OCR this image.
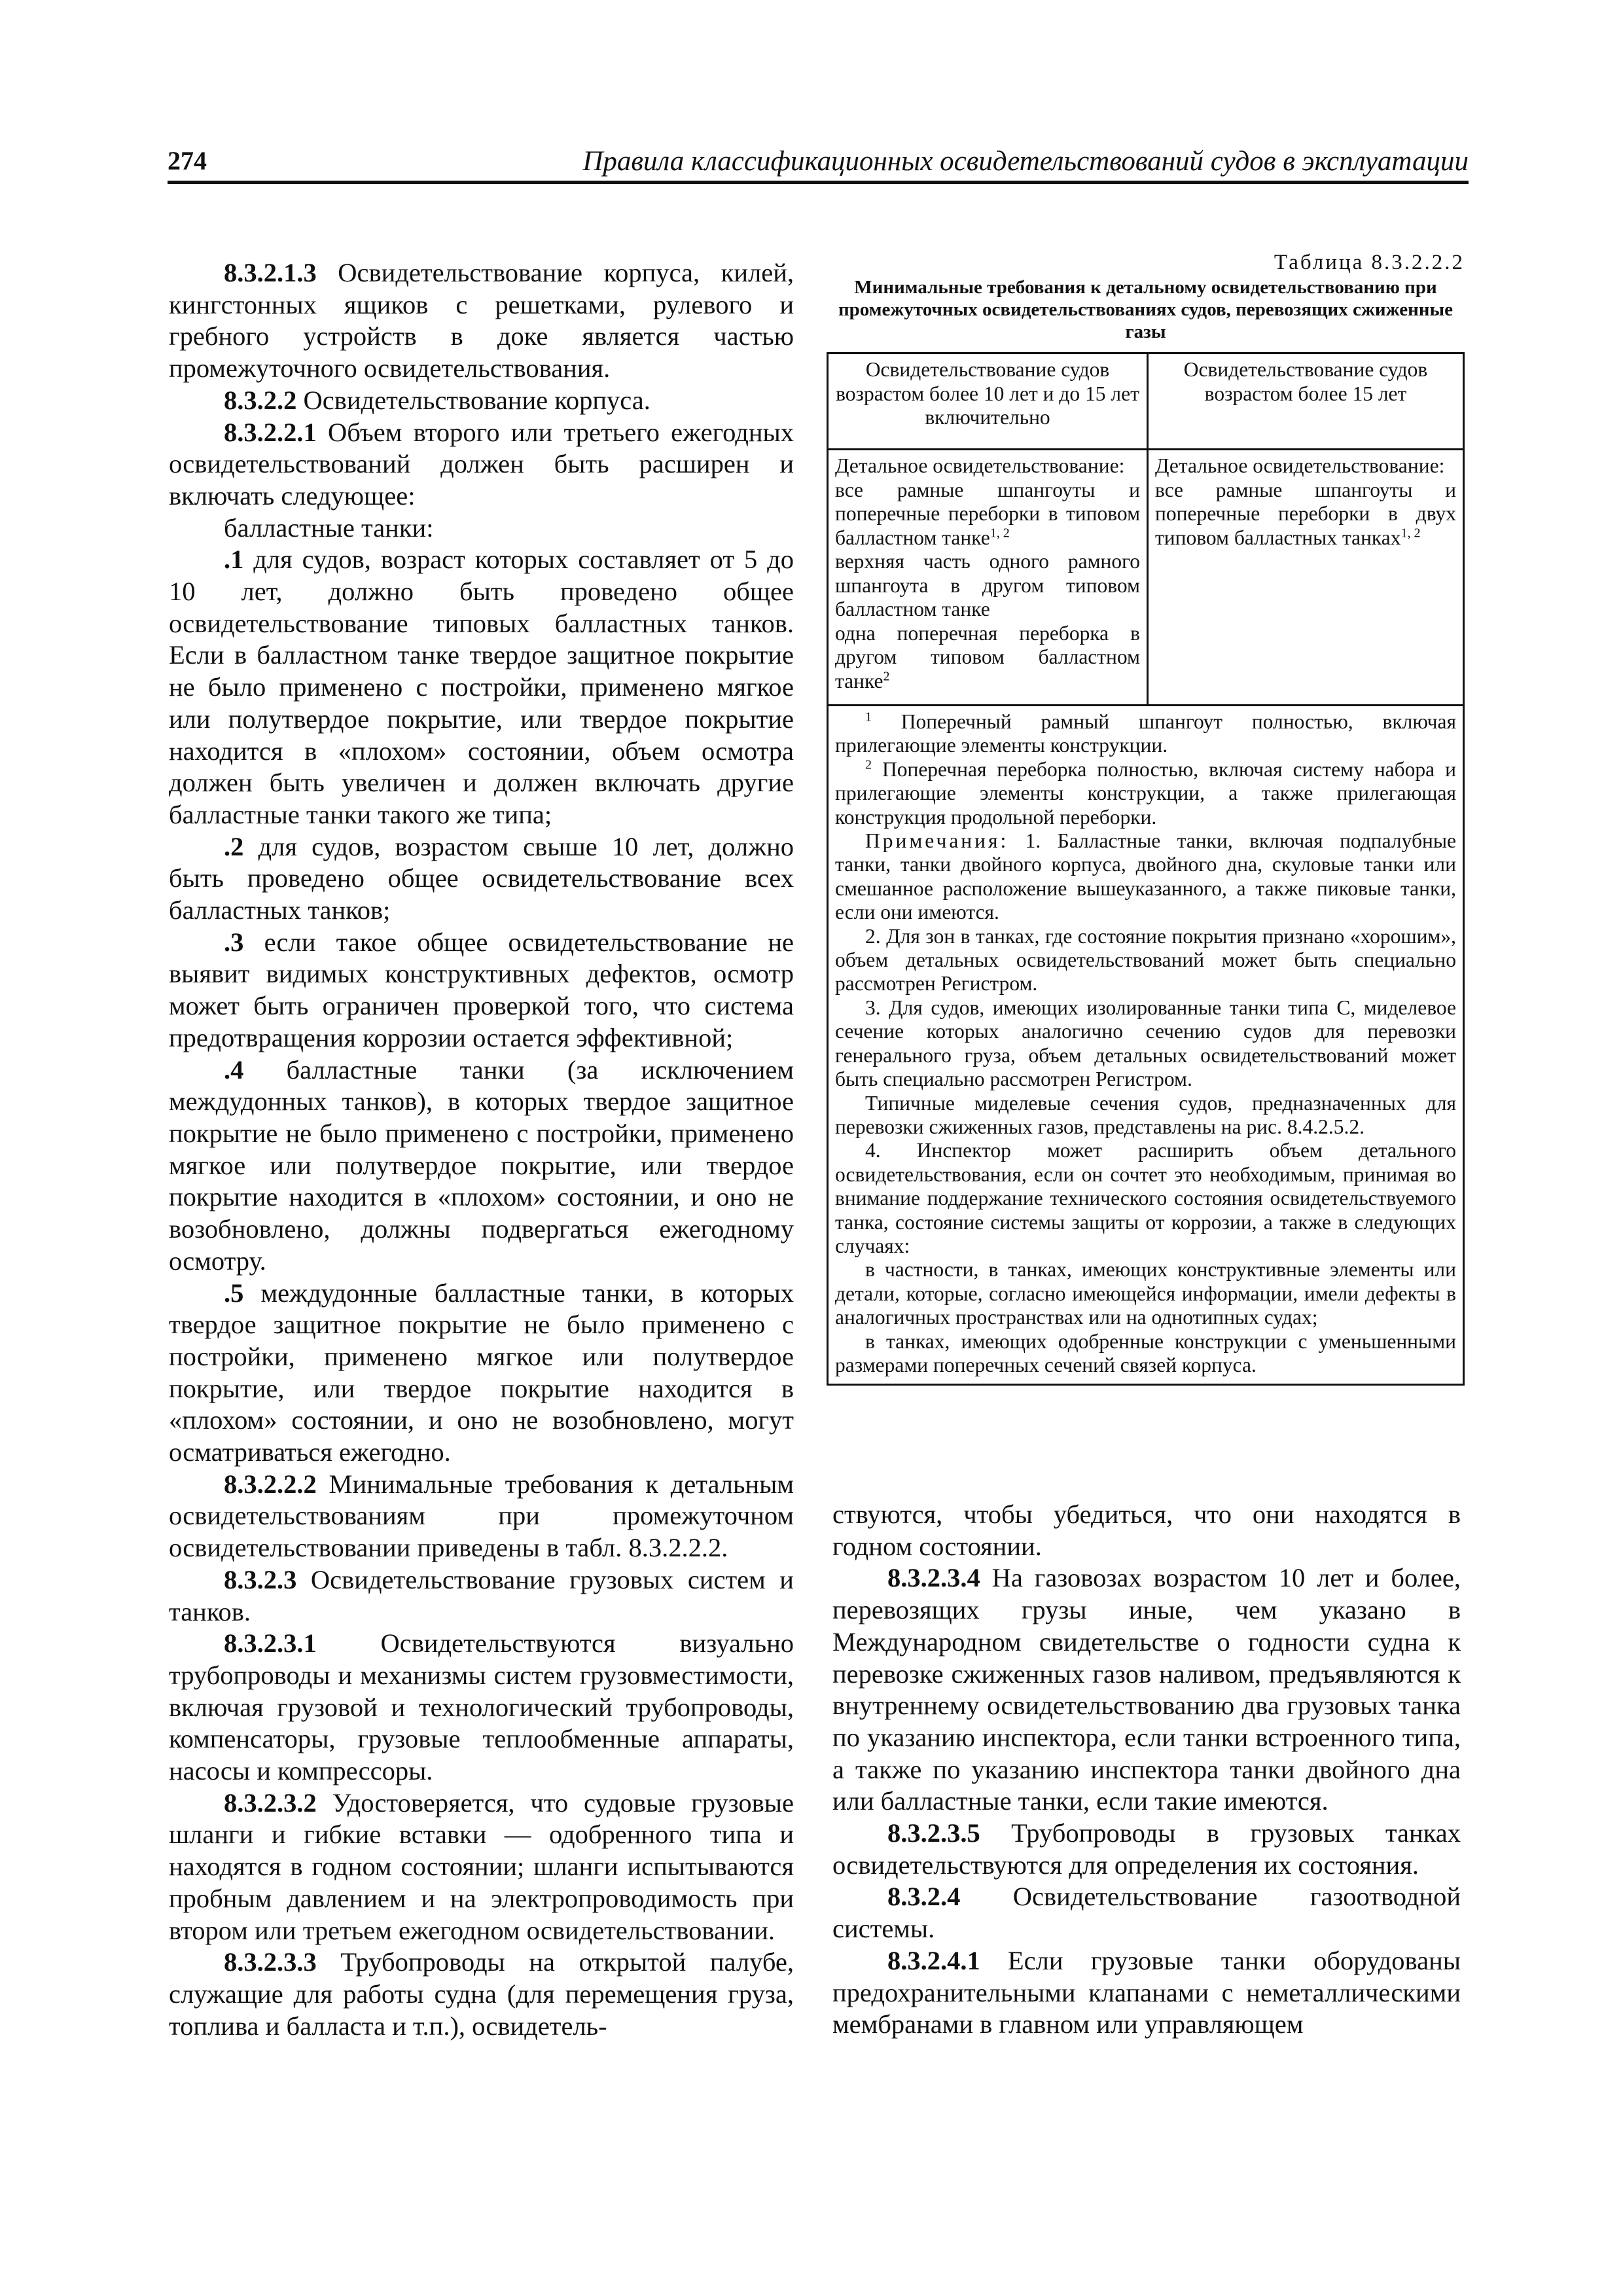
274	Правила классификационных освидетельствований судов в эксплуатации

8.3.2.1.3 Освидетельствование корпуса, килей, кингстонных ящиков с решетками, рулевого и гребного устройств в доке является частью промежуточного освидетельствования.

8.3.2.2 Освидетельствование корпуса.

8.3.2.2.1 Объем второго или третьего ежегодных освидетельствований должен быть расширен и включать следующее:

балластные танки:

.1 для судов, возраст которых составляет от 5 до 10 лет, должно быть проведено общее освидетельствование типовых балластных танков. Если в балластном танке твердое защитное покрытие не было применено с постройки, применено мягкое или полутвердое покрытие, или твердое покрытие находится в «плохом» состоянии, объем осмотра должен быть увеличен и должен включать другие балластные танки такого же типа;

.2 для судов, возрастом свыше 10 лет, должно быть проведено общее освидетельствование всех балластных танков;

.3 если такое общее освидетельствование не выявит видимых конструктивных дефектов, осмотр может быть ограничен проверкой того, что система предотвращения коррозии остается эффективной;

.4 балластные танки (за исключением междудонных танков), в которых твердое защитное покрытие не было применено с постройки, применено мягкое или полутвердое покрытие, или твердое покрытие находится в «плохом» состоянии, и оно не возобновлено, должны подвергаться ежегодному осмотру.

.5 междудонные балластные танки, в которых твердое защитное покрытие не было применено с постройки, применено мягкое или полутвердое покрытие, или твердое покрытие находится в «плохом» состоянии, и оно не возобновлено, могут осматриваться ежегодно.

8.3.2.2.2 Минимальные требования к детальным освидетельствованиям при промежуточном освидетельствовании приведены в табл. 8.3.2.2.2.

8.3.2.3 Освидетельствование грузовых систем и танков.

8.3.2.3.1 Освидетельствуются визуально трубопроводы и механизмы систем грузовместимости, включая грузовой и технологический трубопроводы, компенсаторы, грузовые теплообменные аппараты, насосы и компрессоры.

8.3.2.3.2 Удостоверяется, что судовые грузовые шланги и гибкие вставки — одобренного типа и находятся в годном состоянии; шланги испытываются пробным давлением и на электропроводимость при втором или третьем ежегодном освидетельствовании.

8.3.2.3.3 Трубопроводы на открытой палубе, служащие для работы судна (для перемещения груза, топлива и балласта и т.п.), освидетель-

Таблица 8.3.2.2.2
Минимальные требования к детальному освидетельствованию при промежуточных освидетельствованиях судов, перевозящих сжиженные газы
Освидетельствование судов возрастом более 10 лет и до 15 лет включительно
Освидетельствование судов возрастом более 15 лет
Детальное освидетельствование:
все рамные шпангоуты и поперечные переборки в типовом балластном танке$^{1, 2}$
верхняя часть одного рамного шпангоута в другом типовом балластном танке
одна поперечная переборка в другом типовом балластном танке$^2$
Детальное освидетельствование:
все рамные шпангоуты и поперечные переборки в двух типовом балластных танках$^{1, 2}$

$^1$ Поперечный рамный шпангоут полностью, включая прилегающие элементы конструкции.

$^2$ Поперечная переборка полностью, включая систему набора и прилегающие элементы конструкции, а также прилегающая конструкция продольной переборки.

Примечания: 1. Балластные танки, включая подпалубные танки, танки двойного корпуса, двойного дна, скуловые танки или смешанное расположение вышеуказанного, а также пиковые танки, если они имеются.

2. Для зон в танках, где состояние покрытия признано «хорошим», объем детальных освидетельствований может быть специально рассмотрен Регистром.

3. Для судов, имеющих изолированные танки типа C, миделевое сечение которых аналогично сечению судов для перевозки генерального груза, объем детальных освидетельствований может быть специально рассмотрен Регистром.

Типичные миделевые сечения судов, предназначенных для перевозки сжиженных газов, представлены на рис. 8.4.2.5.2.

4. Инспектор может расширить объем детального освидетельствования, если он сочтет это необходимым, принимая во внимание поддержание технического состояния освидетельствуемого танка, состояние системы защиты от коррозии, а также в следующих случаях:

в частности, в танках, имеющих конструктивные элементы или детали, которые, согласно имеющейся информации, имели дефекты в аналогичных пространствах или на однотипных судах;

в танках, имеющих одобренные конструкции с уменьшенными размерами поперечных сечений связей корпуса.

ствуются, чтобы убедиться, что они находятся в годном состоянии.

8.3.2.3.4 На газовозах возрастом 10 лет и более, перевозящих грузы иные, чем указано в Международном свидетельстве о годности судна к перевозке сжиженных газов наливом, предъявляются к внутреннему освидетельствованию два грузовых танка по указанию инспектора, если танки встроенного типа, а также по указанию инспектора танки двойного дна или балластные танки, если такие имеются.

8.3.2.3.5 Трубопроводы в грузовых танках освидетельствуются для определения их состояния.

8.3.2.4 Освидетельствование газоотводной системы.

8.3.2.4.1 Если грузовые танки оборудованы предохранительными клапанами с неметаллическими мембранами в главном или управляющем
